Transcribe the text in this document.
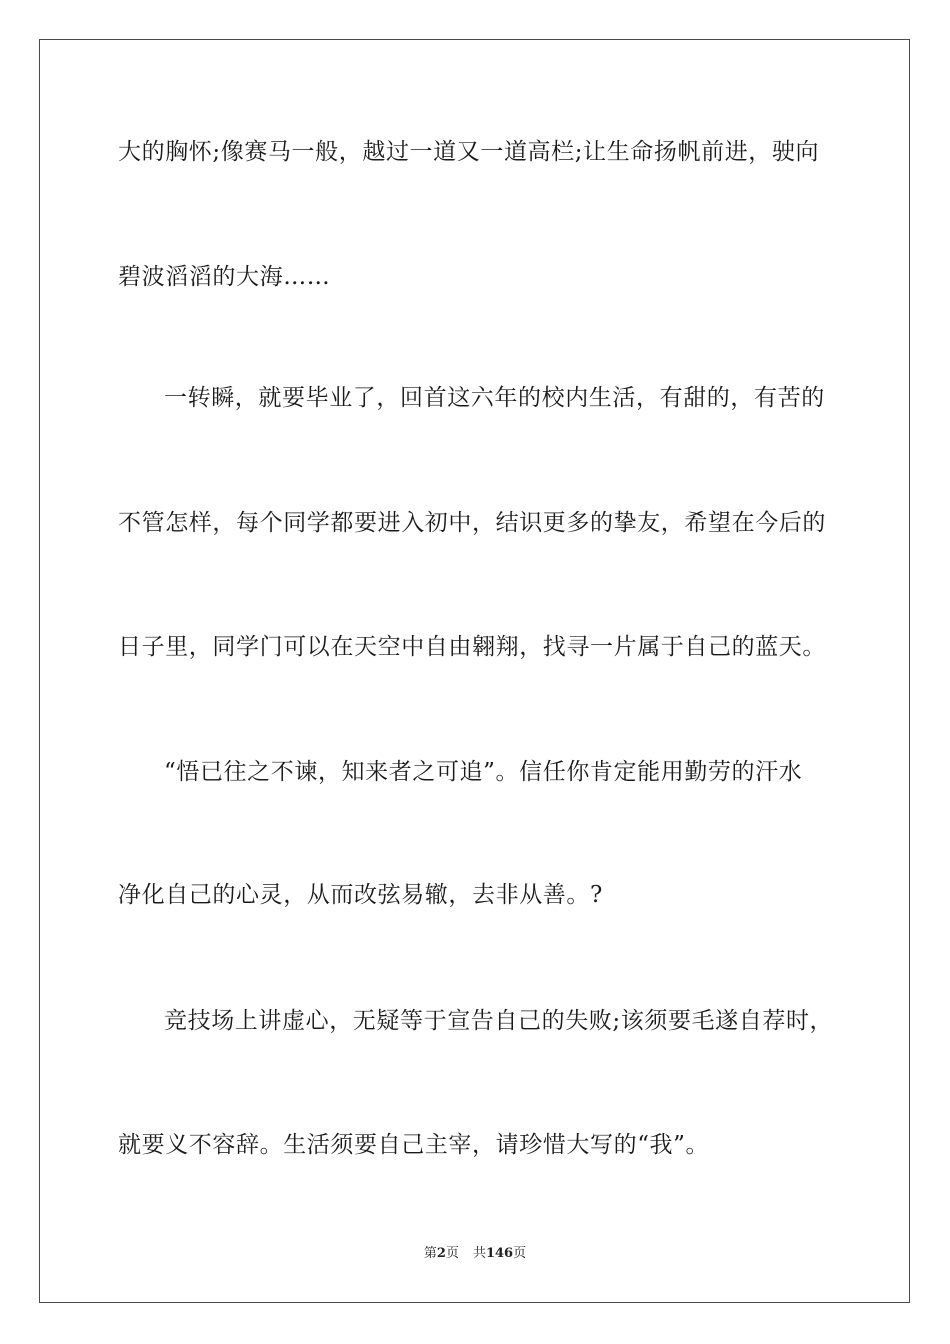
大的胸怀;像赛马一般，越过一道又一道高栏;让生命扬帆前进，驶向
碧波滔滔的大海……
一转瞬，就要毕业了，回首这六年的校内生活，有甜的，有苦的
不管怎样，每个同学都要进入初中，结识更多的挚友，希望在今后的
日子里，同学门可以在天空中自由翱翔，找寻一片属于自己的蓝天。
“悟已往之不谏，知来者之可追”。信任你肯定能用勤劳的汗水
净化自己的心灵，从而改弦易辙，去非从善。?
竞技场上讲虚心，无疑等于宣告自己的失败;该须要毛遂自荐时，
就要义不容辞。生活须要自己主宰，请珍惜大写的“我”。
第2页 共146页
